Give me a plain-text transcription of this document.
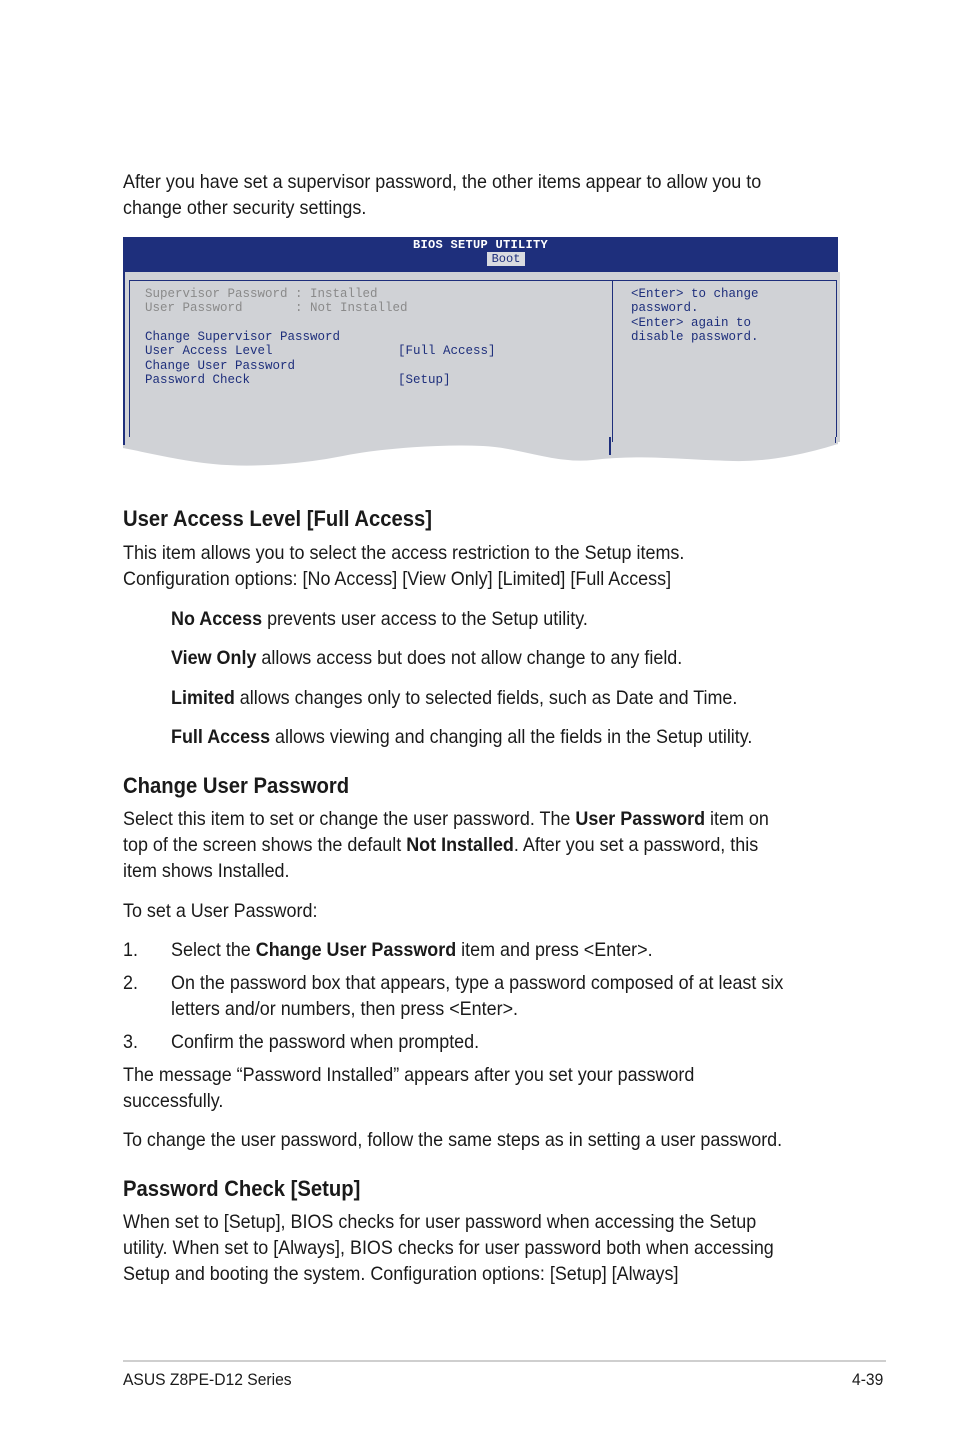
After you have set a supervisor password, the other items appear to allow you to change other security settings.

BIOS SETUP UTILITY
Boot
Supervisor Password : Installed
User Password       : Not Installed
Change Supervisor Password
User Access Level	[Full Access]
Change User Password
Password Check	[Setup]
<Enter> to change
password.
<Enter> again to
disable password.
User Access Level [Full Access]

This item allows you to select the access restriction to the Setup items.
Configuration options: [No Access] [View Only] [Limited] [Full Access]

No Access prevents user access to the Setup utility.

View Only allows access but does not allow change to any field.

Limited allows changes only to selected fields, such as Date and Time.

Full Access allows viewing and changing all the fields in the Setup utility.

Change User Password

Select this item to set or change the user password. The User Password item on top of the screen shows the default Not Installed. After you set a password, this item shows Installed.

To set a User Password:

1. Select the Change User Password item and press <Enter>.

2. On the password box that appears, type a password composed of at least six letters and/or numbers, then press <Enter>.

3. Confirm the password when prompted.

The message “Password Installed” appears after you set your password successfully.

To change the user password, follow the same steps as in setting a user password.

Password Check [Setup]

When set to [Setup], BIOS checks for user password when accessing the Setup utility. When set to [Always], BIOS checks for user password both when accessing Setup and booting the system. Configuration options: [Setup] [Always]

ASUS Z8PE-D12 Series	4-39
